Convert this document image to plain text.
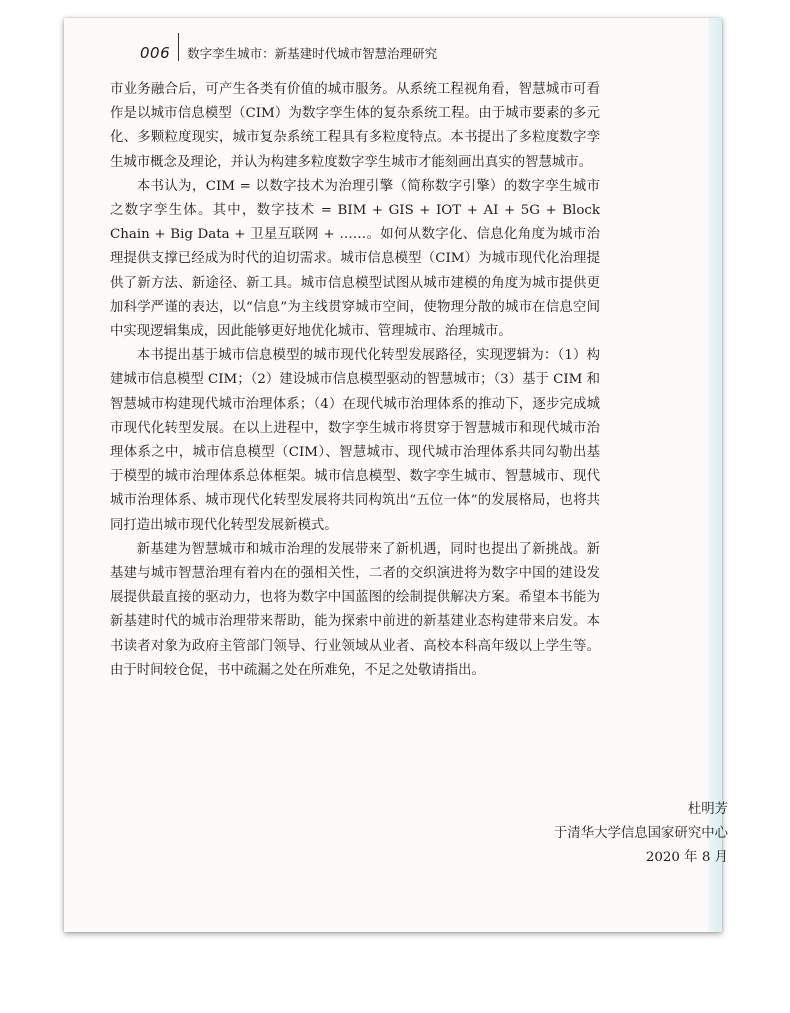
006 数字孪生城市：新基建时代城市智慧治理研究

市业务融合后，可产生各类有价值的城市服务。从系统工程视角看，智慧城市可看作是以城市信息模型（CIM）为数字孪生体的复杂系统工程。由于城市要素的多元化、多颗粒度现实，城市复杂系统工程具有多粒度特点。本书提出了多粒度数字孪生城市概念及理论，并认为构建多粒度数字孪生城市才能刻画出真实的智慧城市。

本书认为，CIM = 以数字技术为治理引擎（简称数字引擎）的数字孪生城市之数字孪生体。其中，数字技术 = BIM + GIS + IOT + AI + 5G + Block Chain + Big Data + 卫星互联网 + ……。如何从数字化、信息化角度为城市治理提供支撑已经成为时代的迫切需求。城市信息模型（CIM）为城市现代化治理提供了新方法、新途径、新工具。城市信息模型试图从城市建模的角度为城市提供更加科学严谨的表达，以“信息”为主线贯穿城市空间，使物理分散的城市在信息空间中实现逻辑集成，因此能够更好地优化城市、管理城市、治理城市。

本书提出基于城市信息模型的城市现代化转型发展路径，实现逻辑为：（1）构建城市信息模型 CIM；（2）建设城市信息模型驱动的智慧城市；（3）基于 CIM 和智慧城市构建现代城市治理体系；（4）在现代城市治理体系的推动下，逐步完成城市现代化转型发展。在以上进程中，数字孪生城市将贯穿于智慧城市和现代城市治理体系之中，城市信息模型（CIM）、智慧城市、现代城市治理体系共同勾勒出基于模型的城市治理体系总体框架。城市信息模型、数字孪生城市、智慧城市、现代城市治理体系、城市现代化转型发展将共同构筑出“五位一体”的发展格局，也将共同打造出城市现代化转型发展新模式。

新基建为智慧城市和城市治理的发展带来了新机遇，同时也提出了新挑战。新基建与城市智慧治理有着内在的强相关性，二者的交织演进将为数字中国的建设发展提供最直接的驱动力，也将为数字中国蓝图的绘制提供解决方案。希望本书能为新基建时代的城市治理带来帮助，能为探索中前进的新基建业态构建带来启发。本书读者对象为政府主管部门领导、行业领域从业者、高校本科高年级以上学生等。由于时间较仓促，书中疏漏之处在所难免，不足之处敬请指出。

杜明芳
于清华大学信息国家研究中心
2020 年 8 月
